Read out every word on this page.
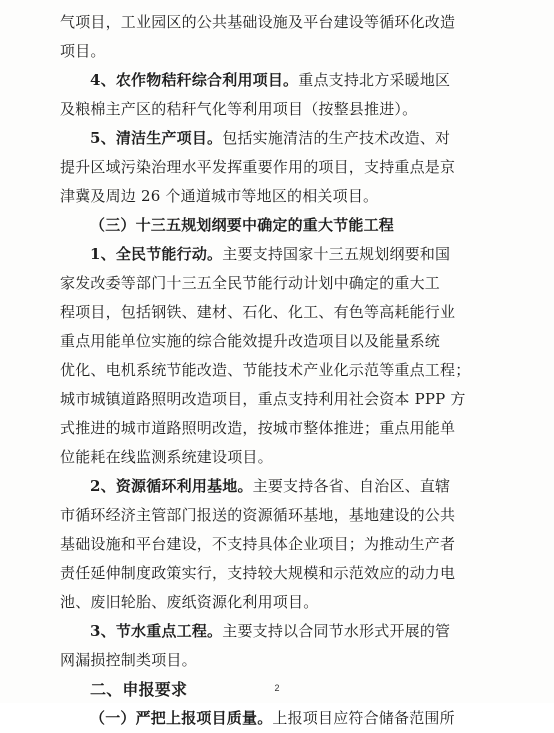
气项目，工业园区的公共基础设施及平台建设等循环化改造
项目。
4、农作物秸秆综合利用项目。重点支持北方采暖地区
及粮棉主产区的秸秆气化等利用项目（按整县推进）。
5、清洁生产项目。包括实施清洁的生产技术改造、对
提升区域污染治理水平发挥重要作用的项目，支持重点是京
津冀及周边 26 个通道城市等地区的相关项目。
（三）十三五规划纲要中确定的重大节能工程
1、全民节能行动。主要支持国家十三五规划纲要和国
家发改委等部门十三五全民节能行动计划中确定的重大工
程项目，包括钢铁、建材、石化、化工、有色等高耗能行业
重点用能单位实施的综合能效提升改造项目以及能量系统
优化、电机系统节能改造、节能技术产业化示范等重点工程；
城市城镇道路照明改造项目，重点支持利用社会资本 PPP 方
式推进的城市道路照明改造，按城市整体推进；重点用能单
位能耗在线监测系统建设项目。
2、资源循环利用基地。主要支持各省、自治区、直辖
市循环经济主管部门报送的资源循环基地，基地建设的公共
基础设施和平台建设，不支持具体企业项目；为推动生产者
责任延伸制度政策实行，支持较大规模和示范效应的动力电
池、废旧轮胎、废纸资源化利用项目。
3、节水重点工程。主要支持以合同节水形式开展的管
网漏损控制类项目。
二、申报要求
（一）严把上报项目质量。上报项目应符合储备范围所
2
